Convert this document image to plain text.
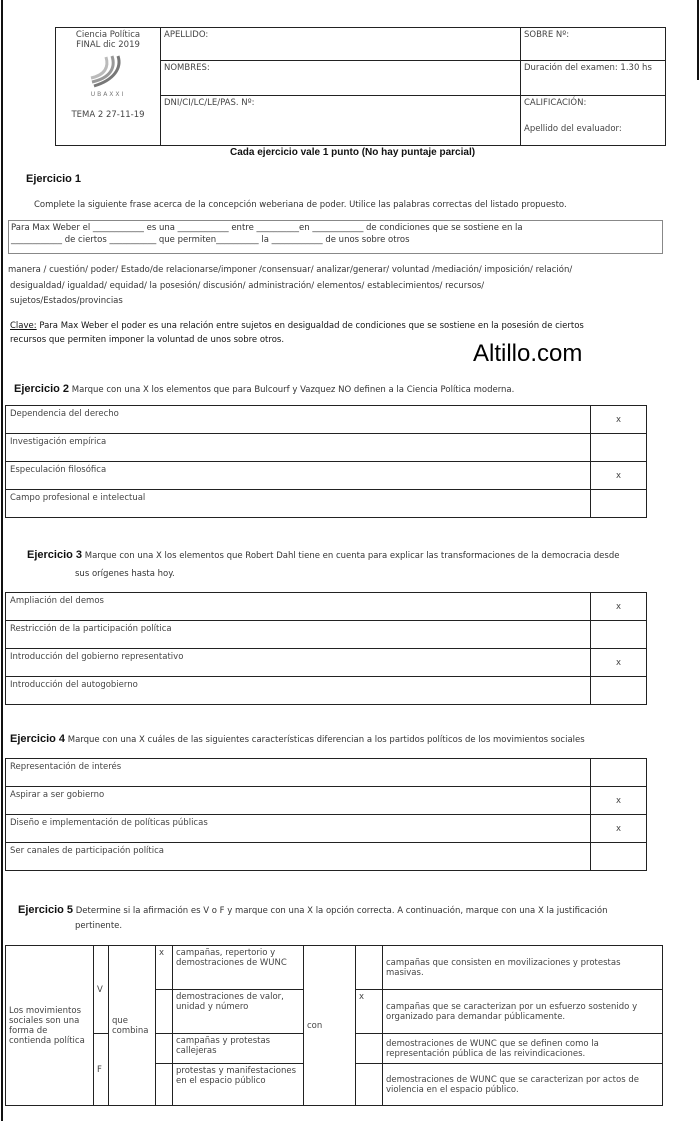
Ciencia Política
FINAL dic 2019
UBAXXI
TEMA 2 27-11-19	APELLIDO:	SOBRE Nº:
	NOMBRES:	Duración del examen: 1.30 hs
	DNI/CI/LC/LE/PAS. Nº:	CALIFICACIÓN:
Apellido del evaluador:
Cada ejercicio vale 1 punto (No hay puntaje parcial)
Ejercicio 1
Complete la siguiente frase acerca de la concepción weberiana de poder. Utilice las palabras correctas del listado propuesto.
Para Max Weber el ____________ es una ____________ entre __________en ____________ de condiciones que se sostiene en la
____________ de ciertos ___________ que permiten__________ la ____________ de unos sobre otros
manera / cuestión/ poder/ Estado/de relacionarse/imponer /consensuar/ analizar/generar/ voluntad /mediación/ imposición/ relación/
desigualdad/ igualdad/ equidad/ la posesión/ discusión/ administración/ elementos/ establecimientos/ recursos/
sujetos/Estados/provincias
Clave: Para Max Weber el poder es una relación entre sujetos en desigualdad de condiciones que se sostiene en la posesión de ciertos
recursos que permiten imponer la voluntad de unos sobre otros.	Altillo.com
Ejercicio 2 Marque con una X los elementos que para Bulcourf y Vazquez NO definen a la Ciencia Política moderna.
Dependencia del derecho	x
Investigación empírica	
Especulación filosófica	x
Campo profesional e intelectual	
Ejercicio 3 Marque con una X los elementos que Robert Dahl tiene en cuenta para explicar las transformaciones de la democracia desde
sus orígenes hasta hoy.
Ampliación del demos	x
Restricción de la participación política	
Introducción del gobierno representativo	x
Introducción del autogobierno	
Ejercicio 4 Marque con una X cuáles de las siguientes características diferencian a los partidos políticos de los movimientos sociales
Representación de interés	
Aspirar a ser gobierno	x
Diseño e implementación de políticas públicas	x
Ser canales de participación política	
Ejercicio 5 Determine si la afirmación es V o F y marque con una X la opción correcta. A continuación, marque con una X la justificación
pertinente.
Los movimientos sociales son una forma de contienda política	V	que combina	x	campañas, repertorio y demostraciones de WUNC	con		campañas que consisten en movilizaciones y protestas masivas.
				demostraciones de valor, unidad y número		x	campañas que se caracterizan por un esfuerzo sostenido y organizado para demandar públicamente.
	F			campañas y protestas callejeras			demostraciones de WUNC que se definen como la representación pública de las reivindicaciones.
				protestas y manifestaciones en el espacio público			demostraciones de WUNC que se caracterizan por actos de violencia en el espacio público.
